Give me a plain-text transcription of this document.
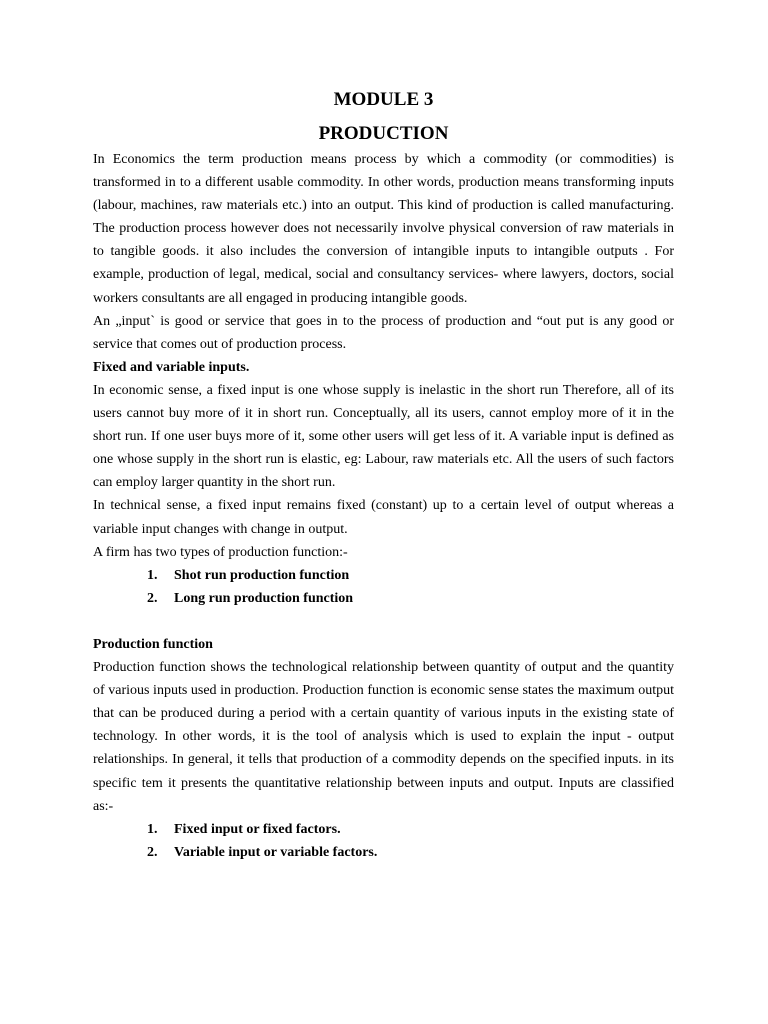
MODULE 3
PRODUCTION

In Economics the term production means process by which a commodity (or commodities) is transformed in to a different usable commodity. In other words, production means transforming inputs (labour, machines, raw materials etc.) into an output. This kind of production is called manufacturing. The production process however does not necessarily involve physical conversion of raw materials in to tangible goods. it also includes the conversion of intangible inputs to intangible outputs . For example, production of legal, medical, social and consultancy services- where lawyers, doctors, social workers consultants are all engaged in producing intangible goods.

An „input` is good or service that goes in to the process of production and “out put is any good or service that comes out of production process.

Fixed and variable inputs.

In economic sense, a fixed input is one whose supply is inelastic in the short run Therefore, all of its users cannot buy more of it in short run. Conceptually, all its users, cannot employ more of it in the short run. If one user buys more of it, some other users will get less of it. A variable input is defined as one whose supply in the short run is elastic, eg: Labour, raw materials etc. All the users of such factors can employ larger quantity in the short run.

In technical sense, a fixed input remains fixed (constant) up to a certain level of output whereas a variable input changes with change in output.

A firm has two types of production function:-

1. Shot run production function
2. Long run production function

Production function

Production function shows the technological relationship between quantity of output and the quantity of various inputs used in production. Production function is economic sense states the maximum output that can be produced during a period with a certain quantity of various inputs in the existing state of technology. In other words, it is the tool of analysis which is used to explain the input - output relationships. In general, it tells that production of a commodity depends on the specified inputs. in its specific tem it presents the quantitative relationship between inputs and output. Inputs are classified as:-

1. Fixed input or fixed factors.
2. Variable input or variable factors.
